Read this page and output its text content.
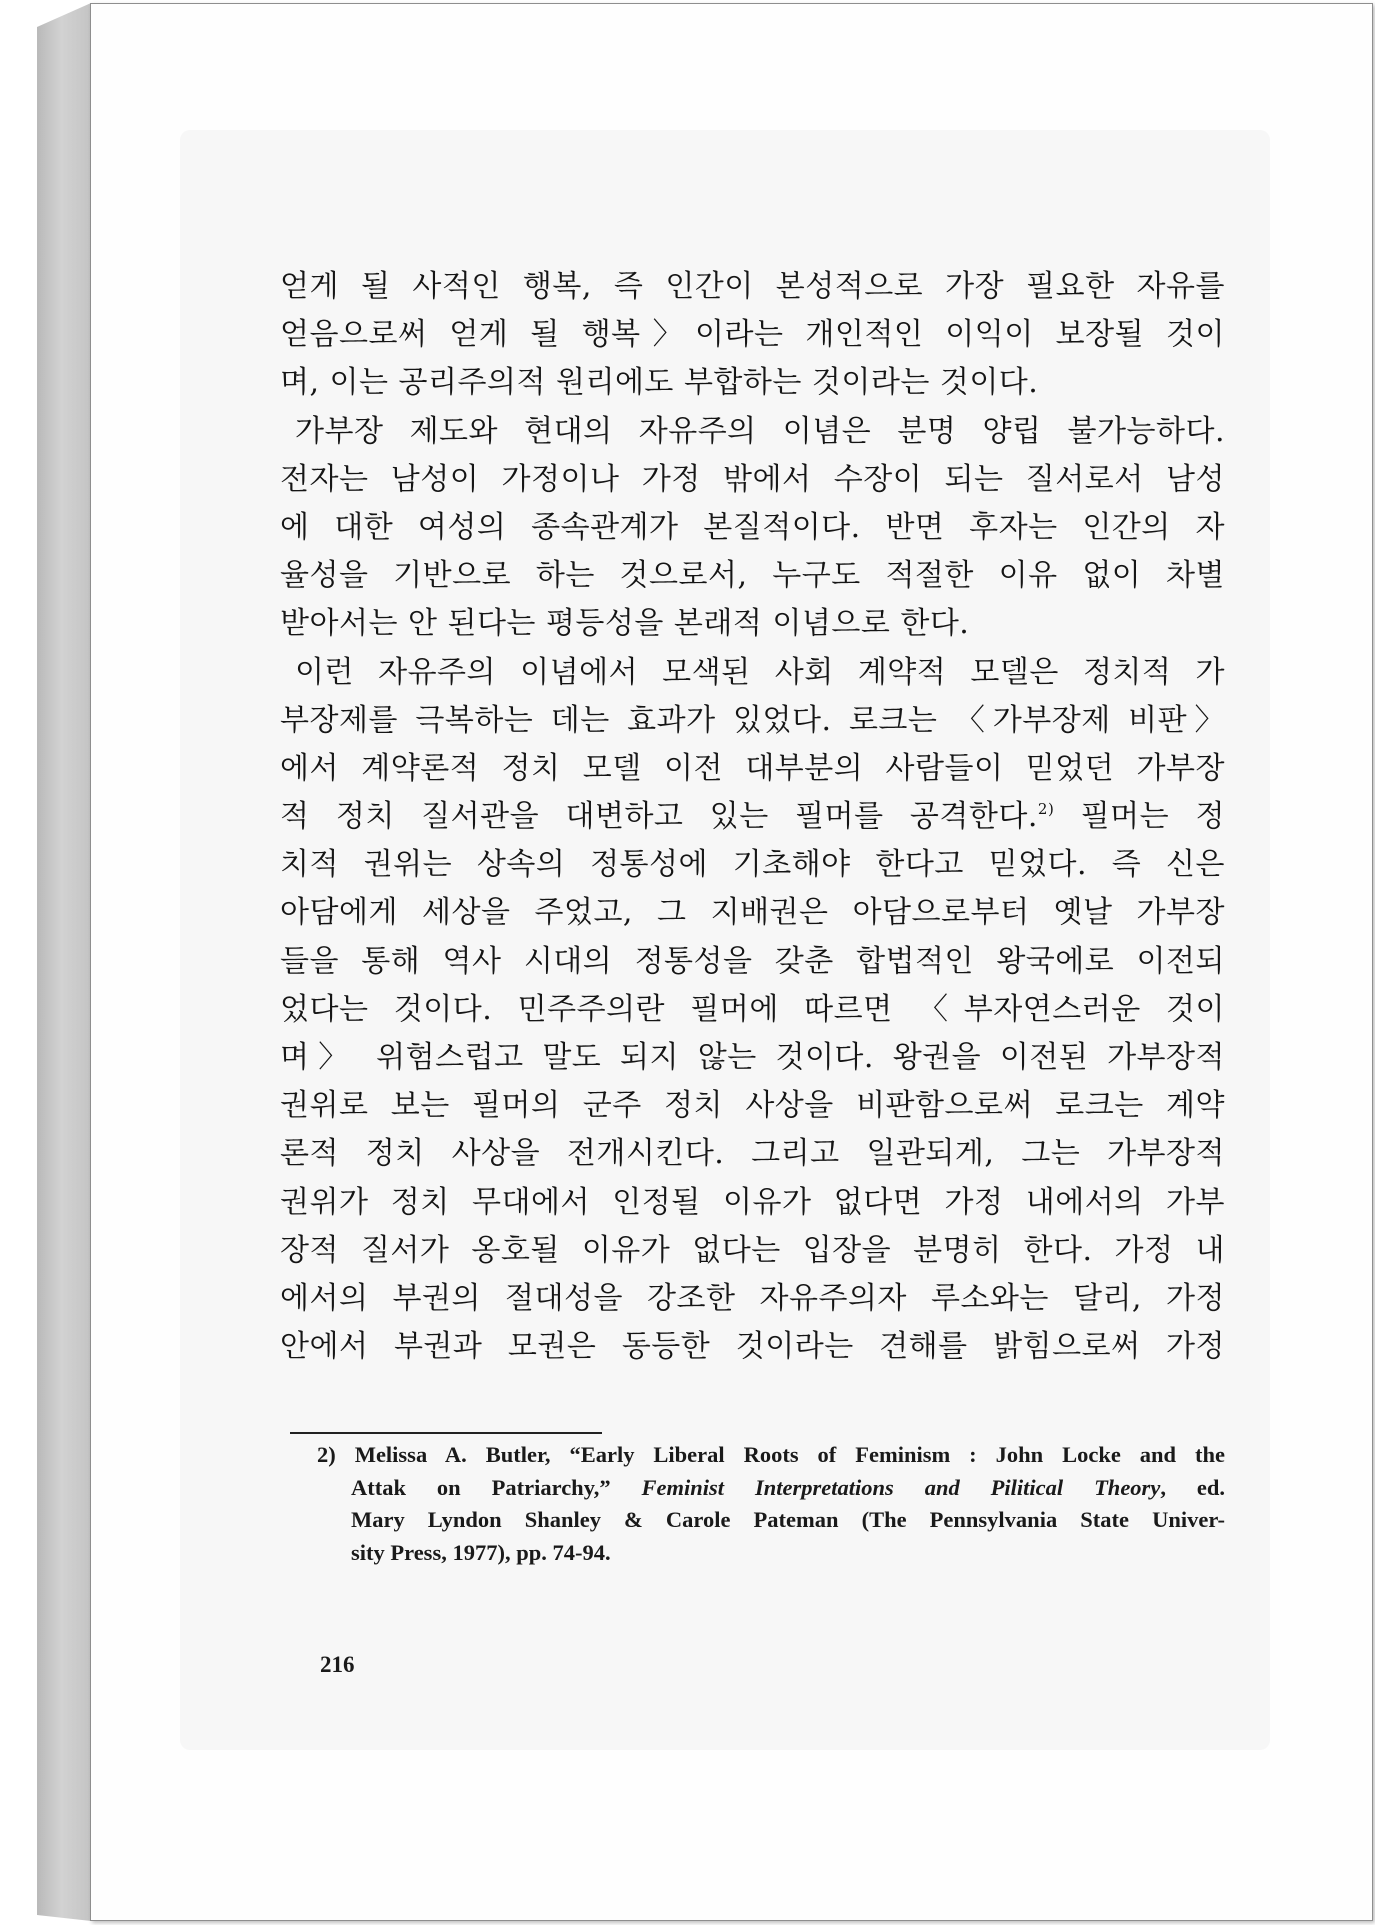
얻게 될 사적인 행복, 즉 인간이 본성적으로 가장 필요한 자유를
얻음으로써 얻게 될 행복〉이라는 개인적인 이익이 보장될 것이
며, 이는 공리주의적 원리에도 부합하는 것이라는 것이다.
가부장 제도와 현대의 자유주의 이념은 분명 양립 불가능하다.
전자는 남성이 가정이나 가정 밖에서 수장이 되는 질서로서 남성
에 대한 여성의 종속관계가 본질적이다. 반면 후자는 인간의 자
율성을 기반으로 하는 것으로서, 누구도 적절한 이유 없이 차별
받아서는 안 된다는 평등성을 본래적 이념으로 한다.
이런 자유주의 이념에서 모색된 사회 계약적 모델은 정치적 가
부장제를 극복하는 데는 효과가 있었다. 로크는 〈가부장제 비판〉
에서 계약론적 정치 모델 이전 대부분의 사람들이 믿었던 가부장
적 정치 질서관을 대변하고 있는 필머를 공격한다.$^{2)}$ 필머는 정
치적 권위는 상속의 정통성에 기초해야 한다고 믿었다. 즉 신은
아담에게 세상을 주었고, 그 지배권은 아담으로부터 옛날 가부장
들을 통해 역사 시대의 정통성을 갖춘 합법적인 왕국에로 이전되
었다는 것이다. 민주주의란 필머에 따르면 〈부자연스러운 것이
며〉 위험스럽고 말도 되지 않는 것이다. 왕권을 이전된 가부장적
권위로 보는 필머의 군주 정치 사상을 비판함으로써 로크는 계약
론적 정치 사상을 전개시킨다. 그리고 일관되게, 그는 가부장적
권위가 정치 무대에서 인정될 이유가 없다면 가정 내에서의 가부
장적 질서가 옹호될 이유가 없다는 입장을 분명히 한다. 가정 내
에서의 부권의 절대성을 강조한 자유주의자 루소와는 달리, 가정
안에서 부권과 모권은 동등한 것이라는 견해를 밝힘으로써 가정
2) Melissa A. Butler, “Early Liberal Roots of Feminism : John Locke and the
Attak on Patriarchy,” Feminist Interpretations and Pilitical Theory, ed.
Mary Lyndon Shanley & Carole Pateman (The Pennsylvania State Univer-
sity Press, 1977), pp. 74-94.
216
